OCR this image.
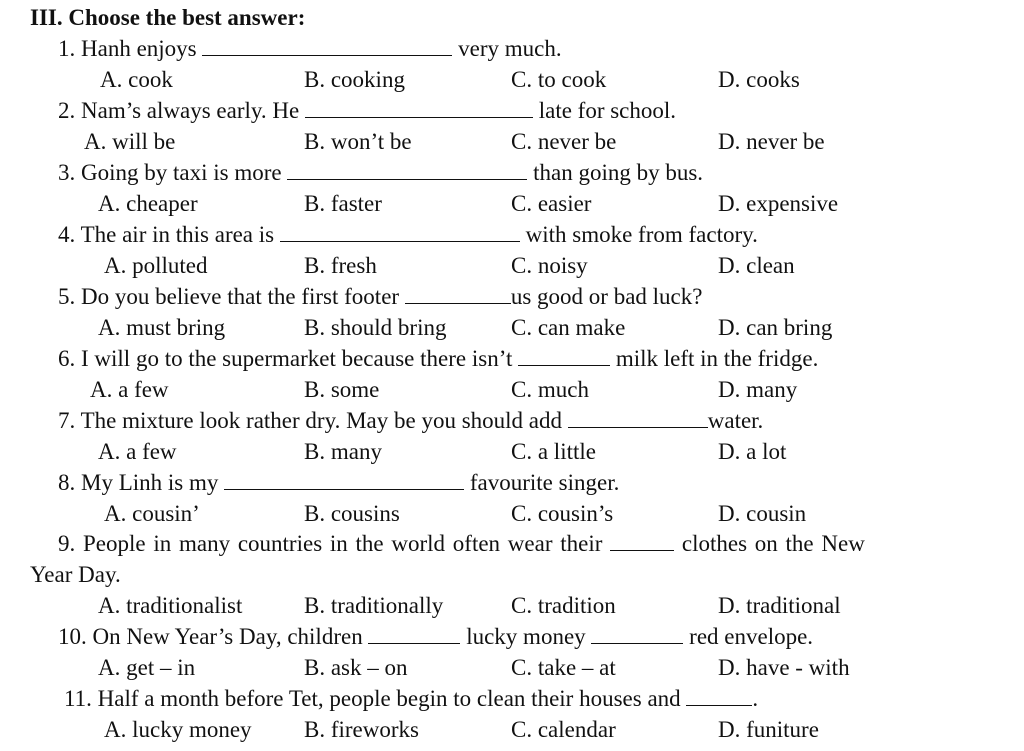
III. Choose the best answer:
1. Hanh enjoys	very much.
A. cook	B. cooking	C. to cook	D. cooks
2. Nam’s always early. He	late for school.
A. will be	B. won’t be	C. never be	D. never be
3. Going by taxi is more	than going by bus.
A. cheaper	B. faster	C. easier	D. expensive
4. The air in this area is	with smoke from factory.
A. polluted	B. fresh	C. noisy	D. clean
5. Do you believe that the first footer	us good or bad luck?
A. must bring	B. should bring	C. can make	D. can bring
6. I will go to the supermarket because there isn’t	milk left in the fridge.
A. a few	B. some	C. much	D. many
7. The mixture look rather dry. May be you should add	water.
A. a few	B. many	C. a little	D. a lot
8. My Linh is my	favourite singer.
A. cousin’	B. cousins	C. cousin’s	D. cousin
9. People in many countries in the world often wear their	clothes on the New
Year Day.
A. traditionalist	B. traditionally	C. tradition	D. traditional
10. On New Year’s Day, children	lucky money	red envelope.
A. get – in	B. ask – on	C. take – at	D. have - with
11. Half a month before Tet, people begin to clean their houses and	.
A. lucky money B. fireworks	C. calendar	D. funiture
